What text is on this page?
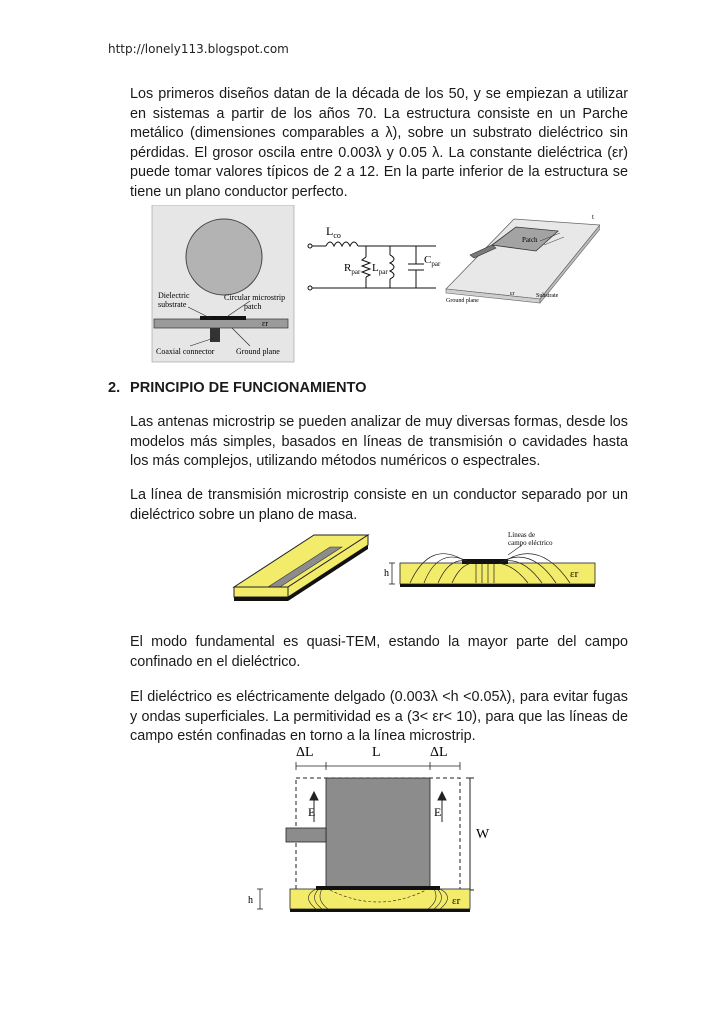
http://lonely113.blogspot.com

Los primeros diseños datan de la década de los 50, y se empiezan a utilizar en sistemas a partir de los años 70. La estructura consiste en un Parche metálico (dimensiones comparables a λ), sobre un substrato dieléctrico sin pérdidas. El grosor oscila entre 0.003λ y 0.05 λ. La constante dieléctrica (εr) puede tomar valores típicos de 2 a 12. En la parte inferior de la estructura se tiene un plano conductor perfecto.

Dielectric
substrate
Circular microstrip
patch
εr
Coaxial connector	Ground plane
$L_{co}$
$R_{par}$ $L_{par}$
$C_{par}$
Patch
Ground plane
εr	Substrate
t
2. PRINCIPIO DE FUNCIONAMIENTO

Las antenas microstrip se pueden analizar de muy diversas formas, desde los modelos más simples, basados en líneas de transmisión o cavidades hasta los más complejos, utilizando métodos numéricos o espectrales.

La línea de transmisión microstrip consiste en un conductor separado por un dieléctrico sobre un plano de masa.

h	εr
Líneas de
campo eléctrico

El modo fundamental es quasi-TEM, estando la mayor parte del campo confinado en el dieléctrico.

El dieléctrico es eléctricamente delgado (0.003λ <h <0.05λ), para evitar fugas y ondas superficiales. La permitividad es a (3< εr< 10), para que las líneas de campo estén confinadas en torno a la línea microstrip.

ΔL	L	ΔL
E	E
W
h	εr
